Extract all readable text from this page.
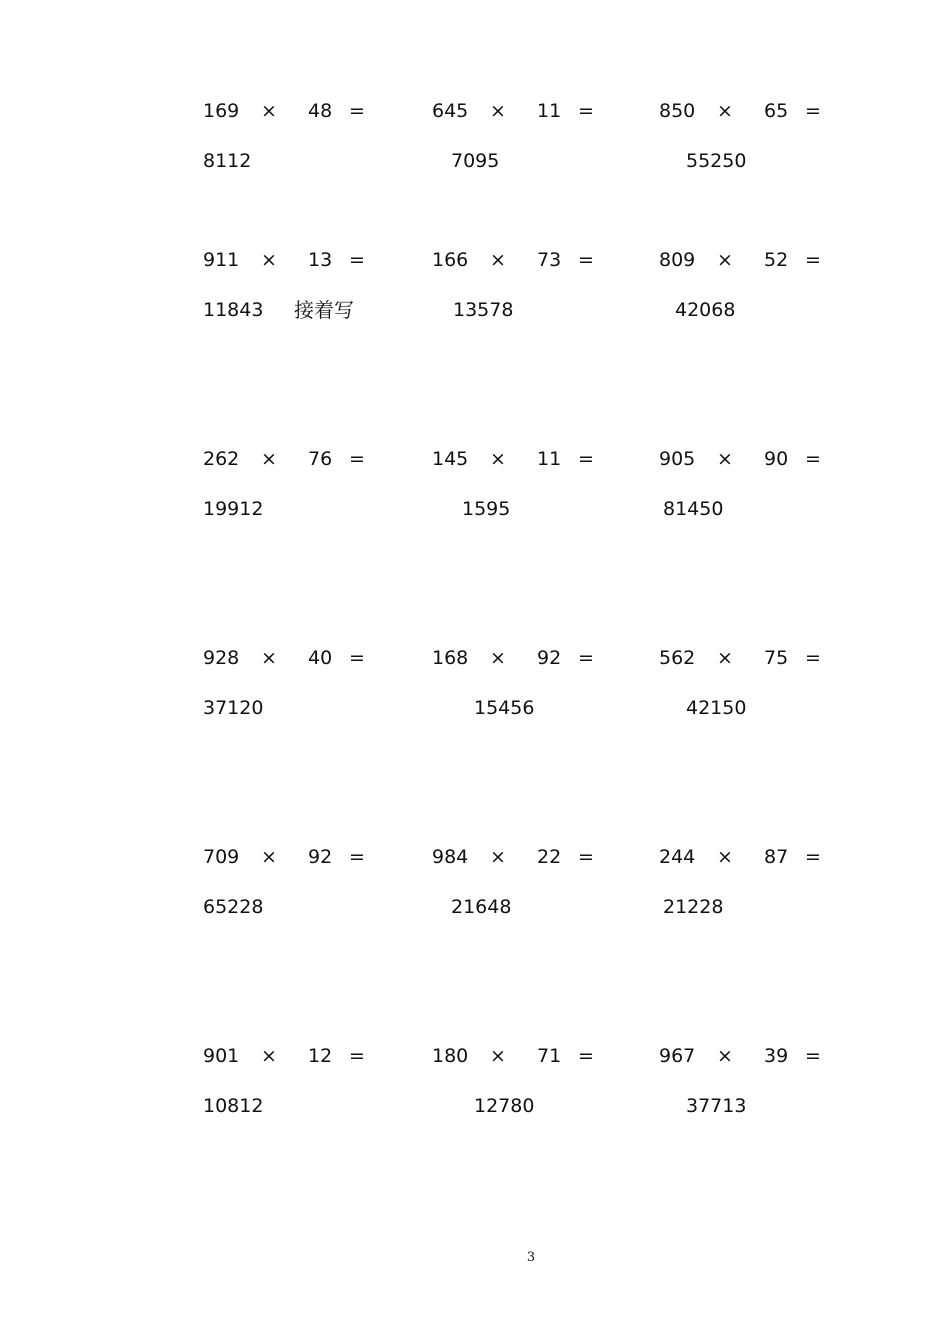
169 × 48 =
8112
645 × 11 =
7095
850 × 65 =
55250
911 × 13 =
11843 接着写
166 × 73 =
13578
809 × 52 =
42068
262 × 76 =
19912
145 × 11 =
1595
905 × 90 =
81450
928 × 40 =
37120
168 × 92 =
15456
562 × 75 =
42150
709 × 92 =
65228
984 × 22 =
21648
244 × 87 =
21228
901 × 12 =
10812
180 × 71 =
12780
967 × 39 =
37713
3
